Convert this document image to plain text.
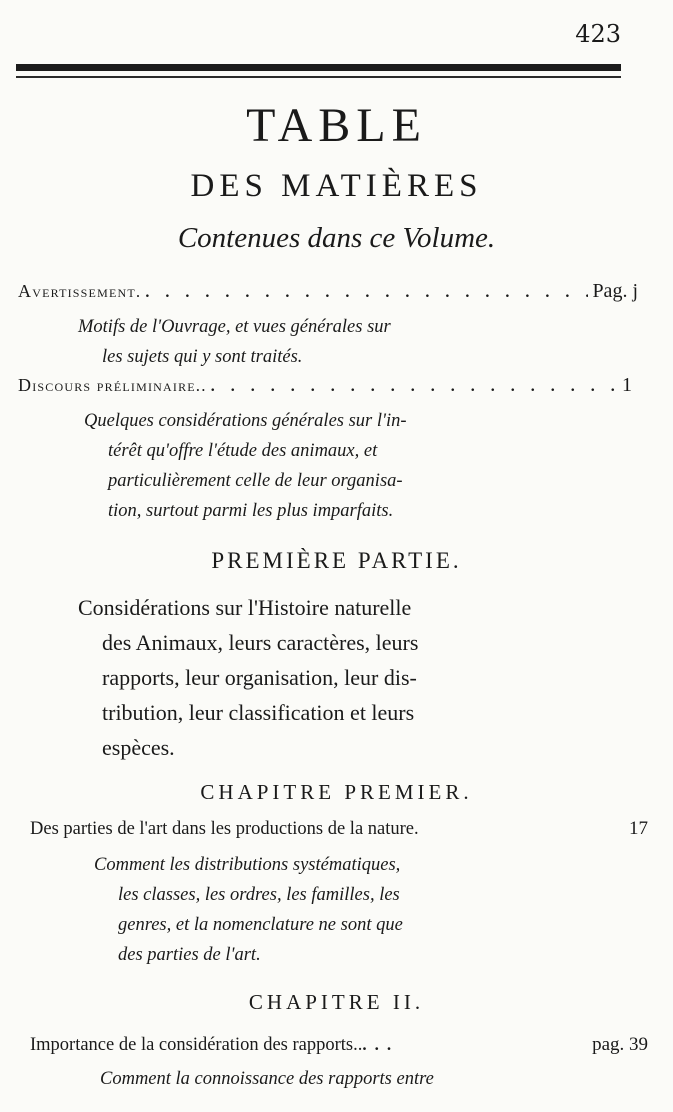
423
TABLE
DES MATIÈRES
Contenues dans ce Volume.
Avertissement. . . .	Pag. j
Motifs de l'Ouvrage, et vues générales sur
les sujets qui y sont traités.
Discours préliminaire.. . . .	1
Quelques considérations générales sur l'in-
térêt qu'offre l'étude des animaux, et
particulièrement celle de leur organisa-
tion, surtout parmi les plus imparfaits.
PREMIÈRE PARTIE.
Considérations sur l'Histoire naturelle
des Animaux, leurs caractères, leurs
rapports, leur organisation, leur dis-
tribution, leur classification et leurs
espèces.
CHAPITRE PREMIER.
Des parties de l'art dans les productions de la nature.	17
Comment les distributions systématiques,
les classes, les ordres, les familles, les
genres, et la nomenclature ne sont que
des parties de l'art.
CHAPITRE II.
Importance de la considération des rapports.. ...	pag. 39
Comment la connoissance des rapports entre
